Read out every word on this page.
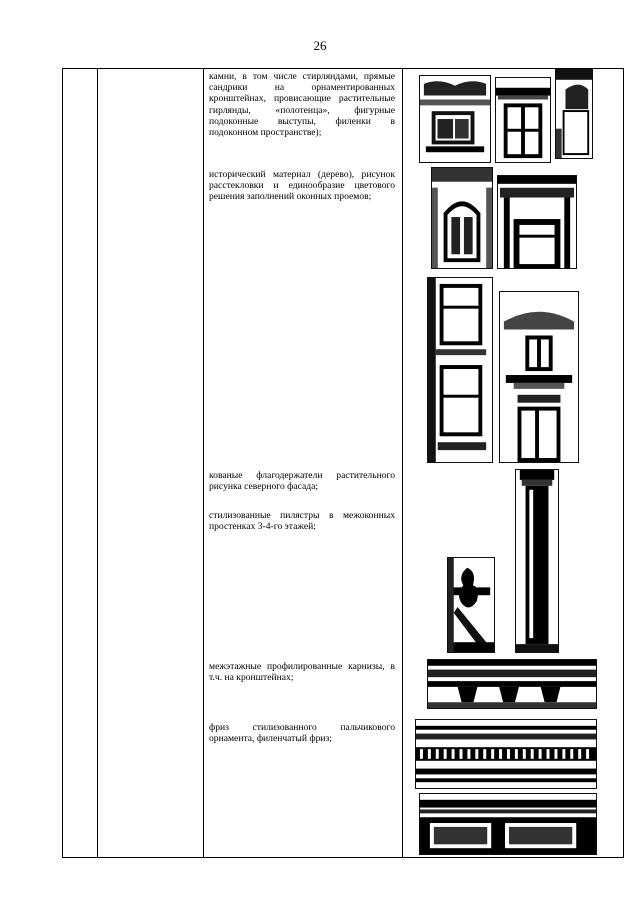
26
камни, в том числе стирляндами, прямые сандрики на орнаментированных кронштейнах, провисающие растительные гирлянды, «полотенца», фигурные подоконные выступы, филенки в подоконном пространстве);
исторический материал (дерево), рисунок расстекловки и единообразие цветового решения заполнений оконных проемов;
кованые флагодержатели растительного рисунка северного фасада;
стилизованные пилястры в межоконных простенках 3-4-го этажей;
межэтажные профилированные карнизы, в т.ч. на кронштейнах;
фриз стилизованного пальчикового орнамента, филенчатый фриз;
